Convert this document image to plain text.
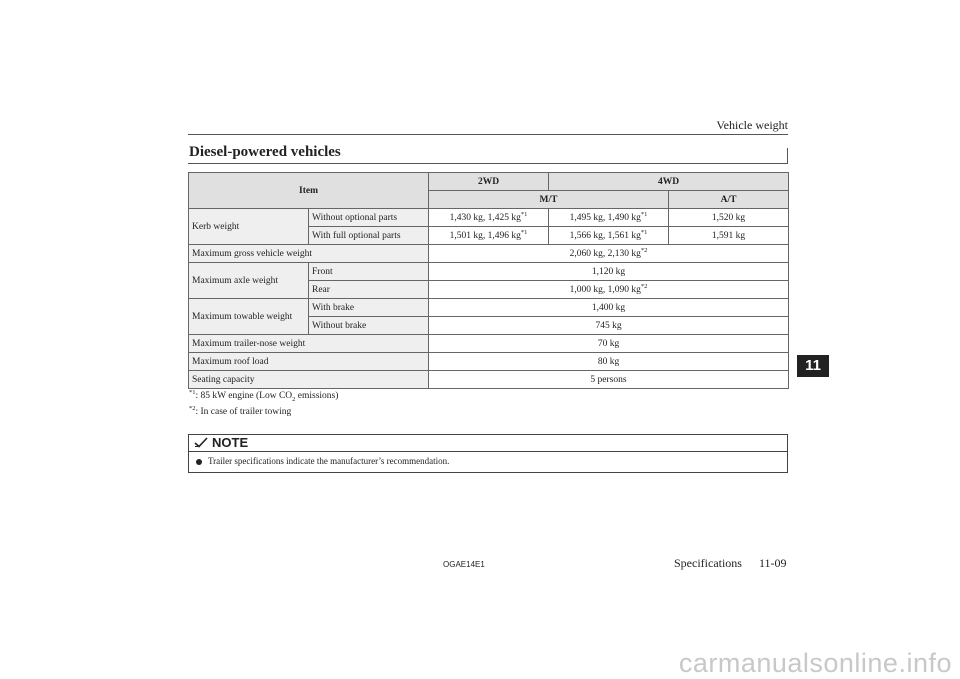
Vehicle weight
Diesel-powered vehicles
11
Item		2WD	4WD	
		M/T		A/T
Kerb weight	Without optional parts	1,430 kg, 1,425 $kg^{*1}$	1,495 kg, 1,490 $kg^{*1}$	1,520 kg
	With full optional parts	1,501 kg, 1,496 $kg^{*1}$	1,566 kg, 1,561 $kg^{*1}$	1,591 kg
Maximum gross vehicle weight		2,060 kg, 2,130 $kg^{*2}$
Maximum axle weight	Front	1,120 kg		
	Rear	1,000 kg, 1,090 $kg^{*2}$
Maximum towable weight	With brake	1,400 kg		
	Without brake	745 kg		
Maximum trailer-nose weight		70 kg		
Maximum roof load		80 kg		
Seating capacity		5 persons		
$^{*1}$: 85 kW engine (Low $CO_2$ emissions)
$^{*2}$: In case of trailer towing
NOTE
Trailer specifications indicate the manufacturer’s recommendation.
OGAE14E1	Specifications 11-09
carmanualsonline.info
